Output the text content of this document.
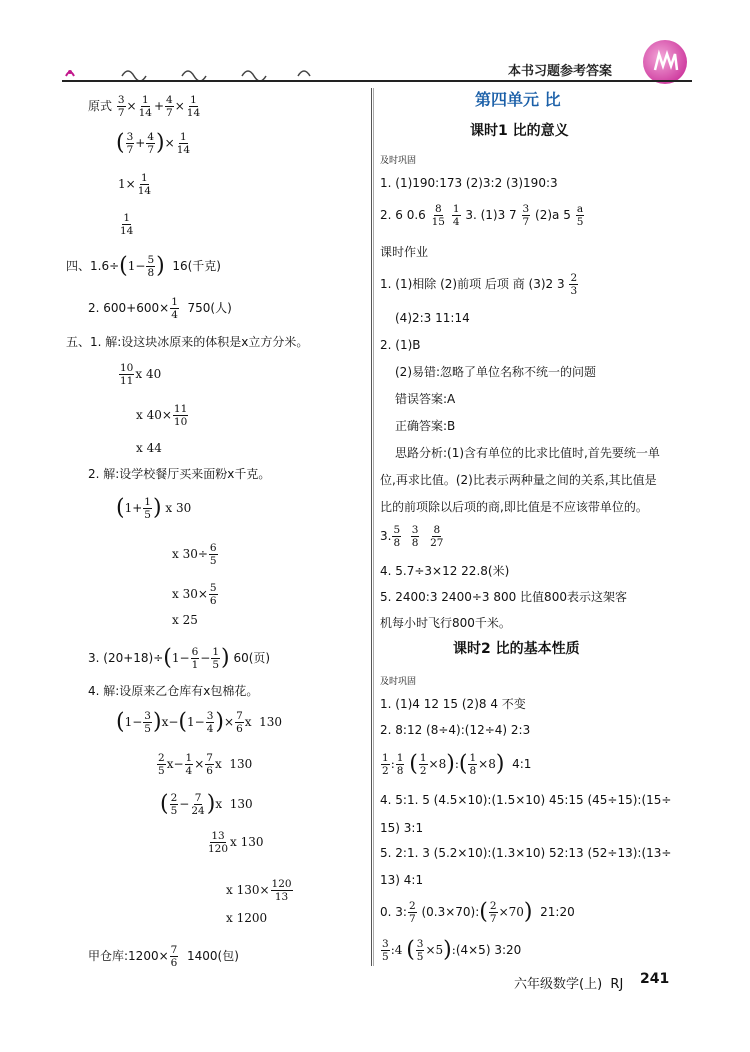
本书习题参考答案
原式 $\frac{3}{7} \times \frac{1}{14} + \frac{4}{7} \times \frac{1}{14}$
( $\frac{3}{7} + \frac{4}{7}$ )× $\frac{1}{14}$
$1\times \frac{1}{14}$
$\frac{1}{14}$
四、$1.6\div(1- \frac{5}{8}$ ) 16(千克)
2. $600+600\times \frac{1}{4} 750$(人)
五、1. 解:设这块冰原来的体积是x立方分米。
$\frac{10}{11}$ x 40
x $40\times \frac{11}{10}$
x 44
2. 解:设学校餐厅买来面粉x千克。
($1+ \frac{1}{5}$ ) x 30
x $30\div \frac{6}{5}$
x $30\times \frac{5}{6}$
x 25
3. $(20+18)\div(1- \frac{6}{1} - \frac{1}{5}$ ) 60(页)
4. 解:设原来乙仓库有x包棉花。
$(1- \frac{3}{5} )x-(1- \frac{3}{4}$ )× $\frac{7}{6}$ x  130
$\frac{2}{5} x- \frac{1}{4} \times \frac{7}{6}$ x  130
( $\frac{2}{5} - \frac{7}{24} )x$  130
$\frac{13}{120}$ x 130
x $130\times \frac{120}{13}$
x 1200
甲仓库:1200× $\frac{7}{6} 1400$(包)
第四单元 比
课时1 比的意义
及时巩固
1. (1)190:173 (2)3:2 (3)190:3
2. 6 $0.6 \frac{8}{15}$
$\frac{1}{4} 3$. (1)3 $7 \frac{3}{7} (2)a$ $5 \frac{a}{5}$
课时作业
1. (1)相除 (2)前项 后项 商 (3)2 $3 \frac{2}{3}$
(4)2:3 11:14
2. (1)B
(2)易错:忽略了单位名称不统一的问题
错误答案:A
正确答案:B
思路分析:(1)含有单位的比求比值时,首先要统一单
位,再求比值。(2)比表示两种量之间的关系,其比值是
比的前项除以后项的商,即比值是不应该带单位的。
3. $\frac{5}{8}$
$\frac{3}{8}$
$\frac{8}{27}$
4. 5.7÷3×12 22.8(米)
5. 2400:3 2400÷3 800 比值800表示这架客
机每小时飞行800千米。
课时2 比的基本性质
及时巩固
1. (1)4 12 15 (2)8 4 不变
2. 8:12 (8÷4):(12÷4) 2:3
$\frac{1}{2}$ : $\frac{1}{8}$ ( $\frac{1}{2}$ ×8):( $\frac{1}{8} \times 8$) 4:1
4. 5:1. 5 (4.5×10):(1.5×10) 45:15 (45÷15):(15÷
15) 3:1
5. 2:1. 3 (5.2×10):(1.3×10) 52:13 (52÷13):(13÷
13) 4:1
0. 3: $\frac{2}{7}$ (0.3×70):( $\frac{2}{7} \times 70$) 21:20
$\frac{3}{5}$ :4 ( $\frac{3}{5}$ ×5):(4×5) 3:20
六年级数学(上) RJ 241
